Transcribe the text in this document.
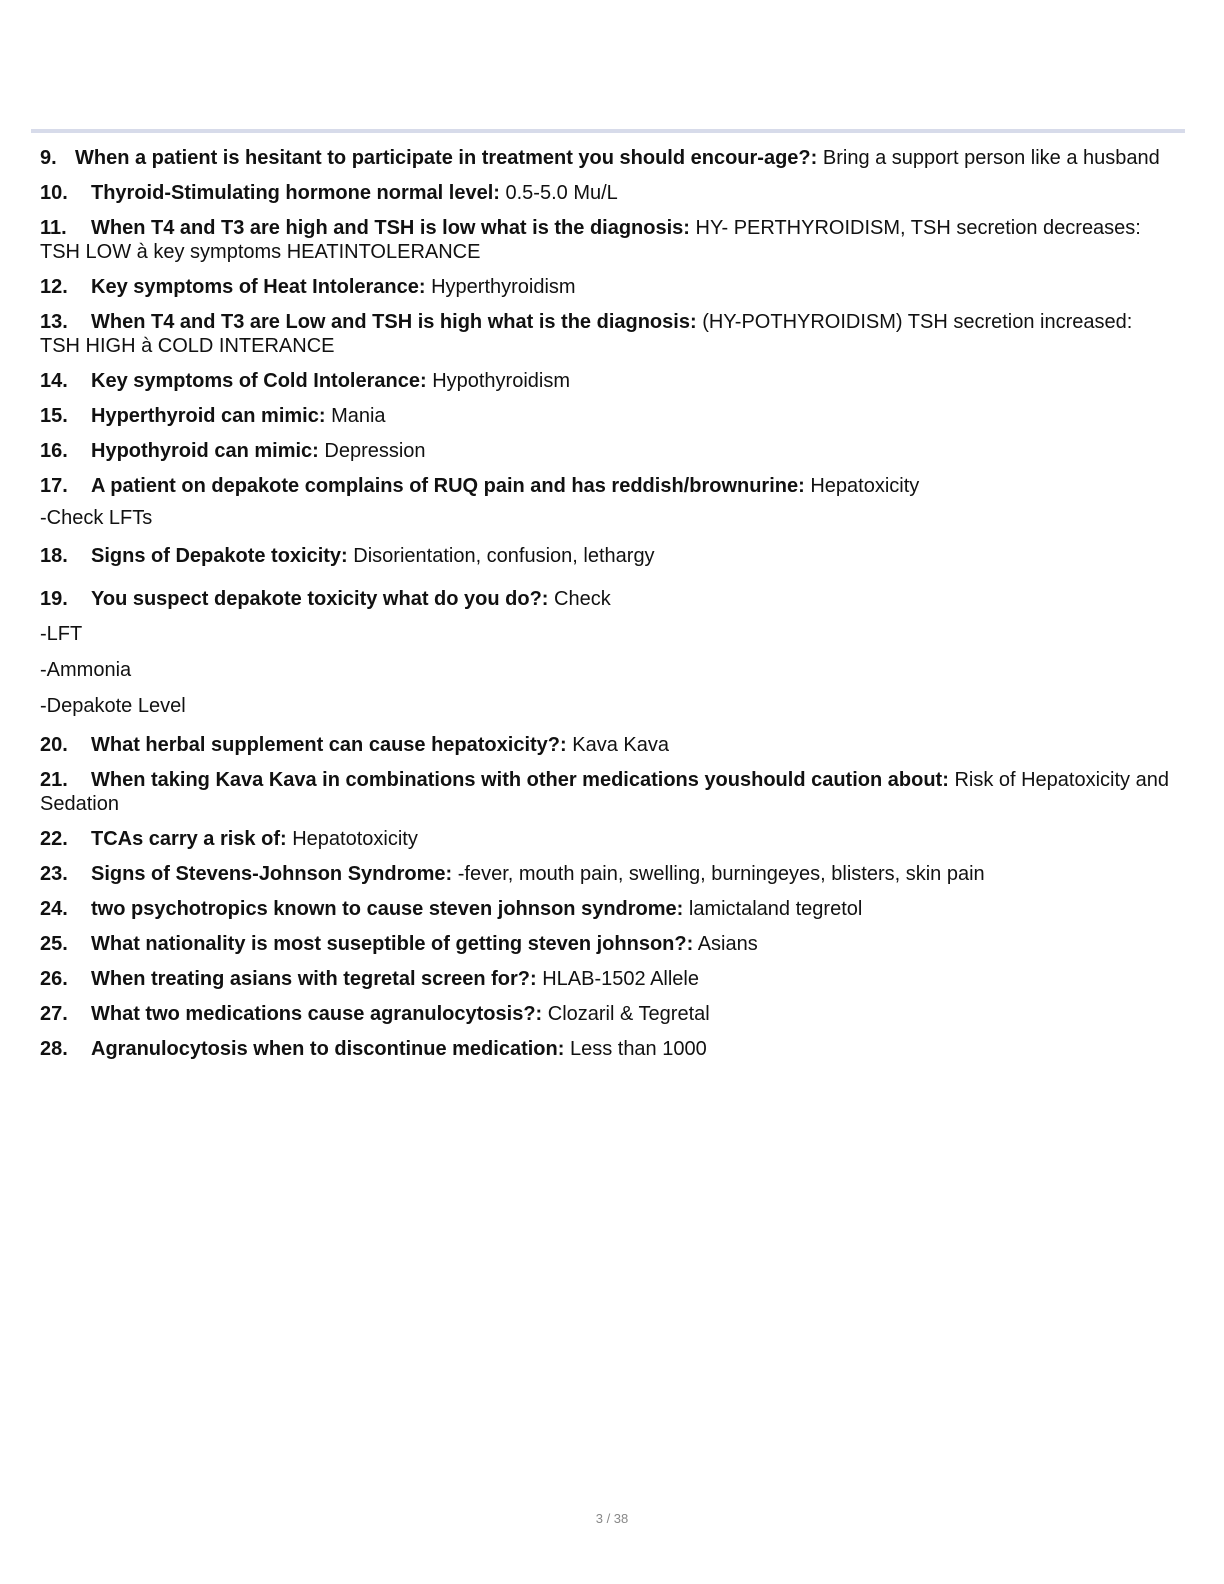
9. When a patient is hesitant to participate in treatment you should encour-age?: Bring a support person like a husband

10. Thyroid-Stimulating hormone normal level: 0.5-5.0 Mu/L

11. When T4 and T3 are high and TSH is low what is the diagnosis: HY- PERTHYROIDISM, TSH secretion decreases: TSH LOW à key symptoms HEATINTOLERANCE

12. Key symptoms of Heat Intolerance: Hyperthyroidism

13. When T4 and T3 are Low and TSH is high what is the diagnosis: (HY-POTHYROIDISM) TSH secretion increased: TSH HIGH à COLD INTERANCE

14. Key symptoms of Cold Intolerance: Hypothyroidism

15. Hyperthyroid can mimic: Mania

16. Hypothyroid can mimic: Depression

17. A patient on depakote complains of RUQ pain and has reddish/brownurine: Hepatoxicity

-Check LFTs

18. Signs of Depakote toxicity: Disorientation, confusion, lethargy

19. You suspect depakote toxicity what do you do?: Check

-LFT

-Ammonia

-Depakote Level

20. What herbal supplement can cause hepatoxicity?: Kava Kava

21. When taking Kava Kava in combinations with other medications youshould caution about: Risk of Hepatoxicity and Sedation

22. TCAs carry a risk of: Hepatotoxicity

23. Signs of Stevens-Johnson Syndrome: -fever, mouth pain, swelling, burningeyes, blisters, skin pain

24. two psychotropics known to cause steven johnson syndrome: lamictaland tegretol

25. What nationality is most suseptible of getting steven johnson?: Asians

26. When treating asians with tegretal screen for?: HLAB-1502 Allele

27. What two medications cause agranulocytosis?: Clozaril & Tegretal

28. Agranulocytosis when to discontinue medication: Less than 1000

3 / 38
